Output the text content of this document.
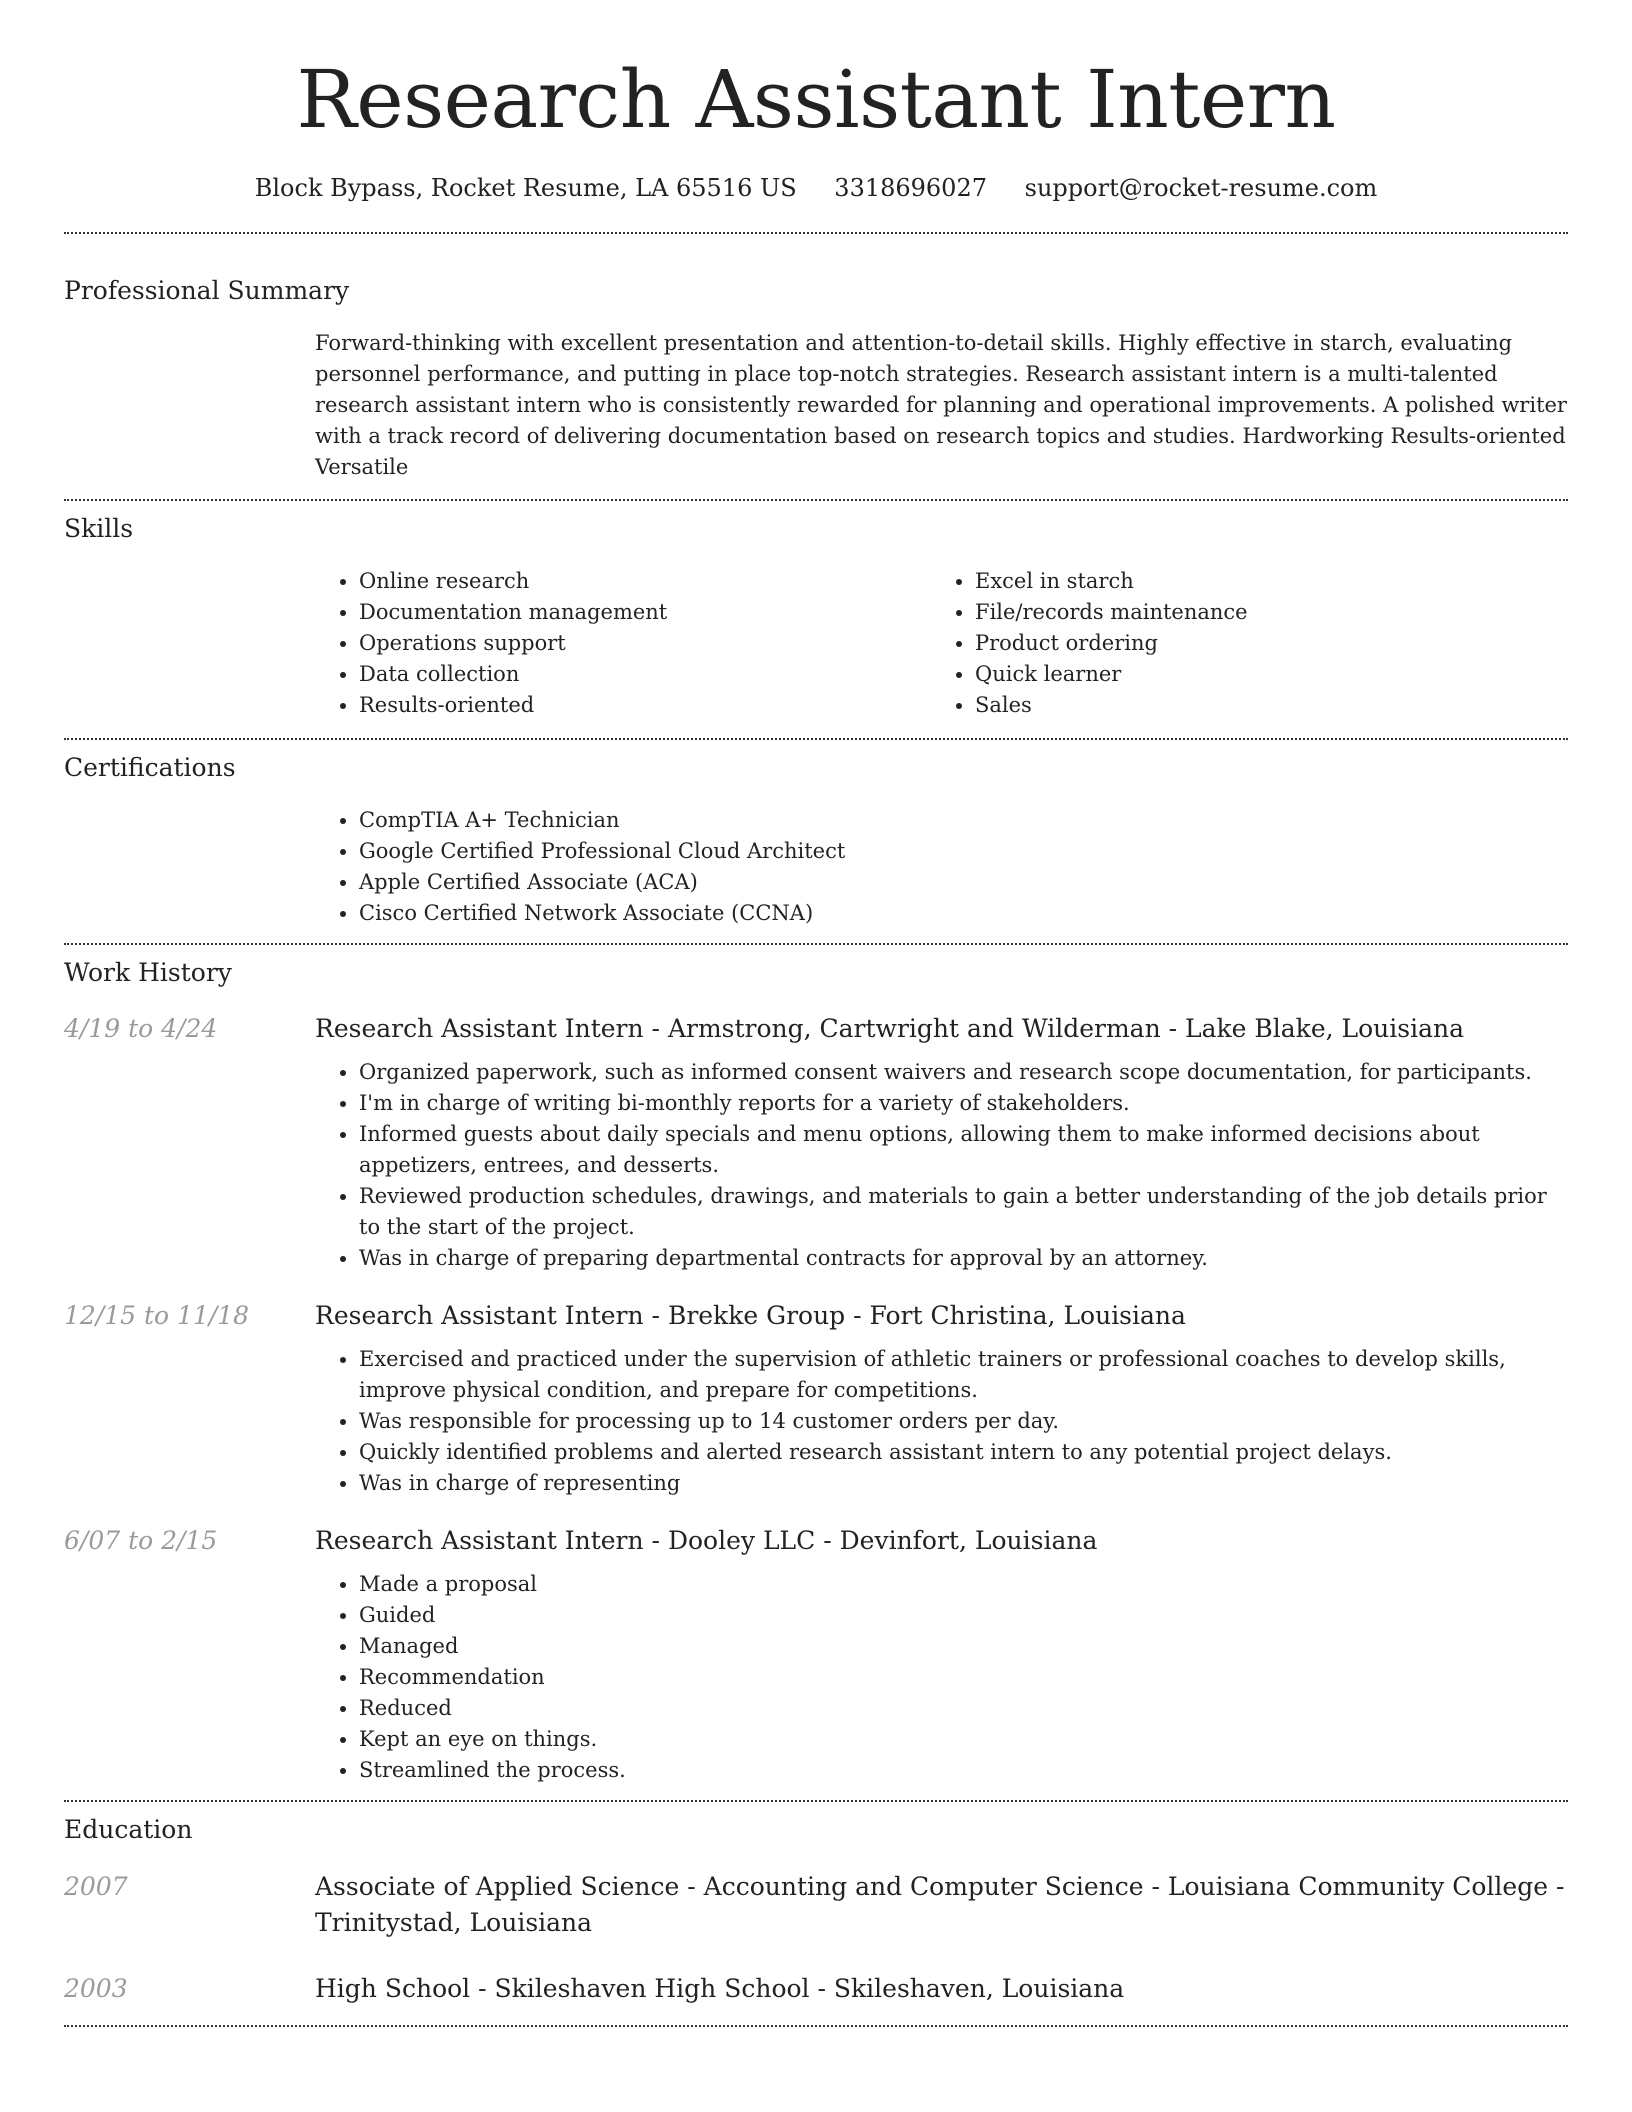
Research Assistant Intern
Block Bypass, Rocket Resume, LA 65516 US 3318696027 support@rocket-resume.com
Professional Summary
Forward-thinking with excellent presentation and attention-to-detail skills. Highly effective in starch, evaluating personnel performance, and putting in place top-notch strategies. Research assistant intern is a multi-talented research assistant intern who is consistently rewarded for planning and operational improvements. A polished writer with a track record of delivering documentation based on research topics and studies. Hardworking Results-oriented Versatile
Skills
• Online research
• Documentation management
• Operations support
• Data collection
• Results-oriented
• Excel in starch
• File/records maintenance
• Product ordering
• Quick learner
• Sales
Certifications
• CompTIA A+ Technician
• Google Certified Professional Cloud Architect
• Apple Certified Associate (ACA)
• Cisco Certified Network Associate (CCNA)
Work History
4/19 to 4/24	Research Assistant Intern - Armstrong, Cartwright and Wilderman - Lake Blake, Louisiana
• Organized paperwork, such as informed consent waivers and research scope documentation, for participants.
• I'm in charge of writing bi-monthly reports for a variety of stakeholders.
• Informed guests about daily specials and menu options, allowing them to make informed decisions about appetizers, entrees, and desserts.
• Reviewed production schedules, drawings, and materials to gain a better understanding of the job details prior to the start of the project.
• Was in charge of preparing departmental contracts for approval by an attorney.
12/15 to 11/18	Research Assistant Intern - Brekke Group - Fort Christina, Louisiana
• Exercised and practiced under the supervision of athletic trainers or professional coaches to develop skills, improve physical condition, and prepare for competitions.
• Was responsible for processing up to 14 customer orders per day.
• Quickly identified problems and alerted research assistant intern to any potential project delays.
• Was in charge of representing
6/07 to 2/15	Research Assistant Intern - Dooley LLC - Devinfort, Louisiana
• Made a proposal
• Guided
• Managed
• Recommendation
• Reduced
• Kept an eye on things.
• Streamlined the process.
Education
2007	Associate of Applied Science - Accounting and Computer Science - Louisiana Community College - Trinitystad, Louisiana
2003	High School - Skileshaven High School - Skileshaven, Louisiana
